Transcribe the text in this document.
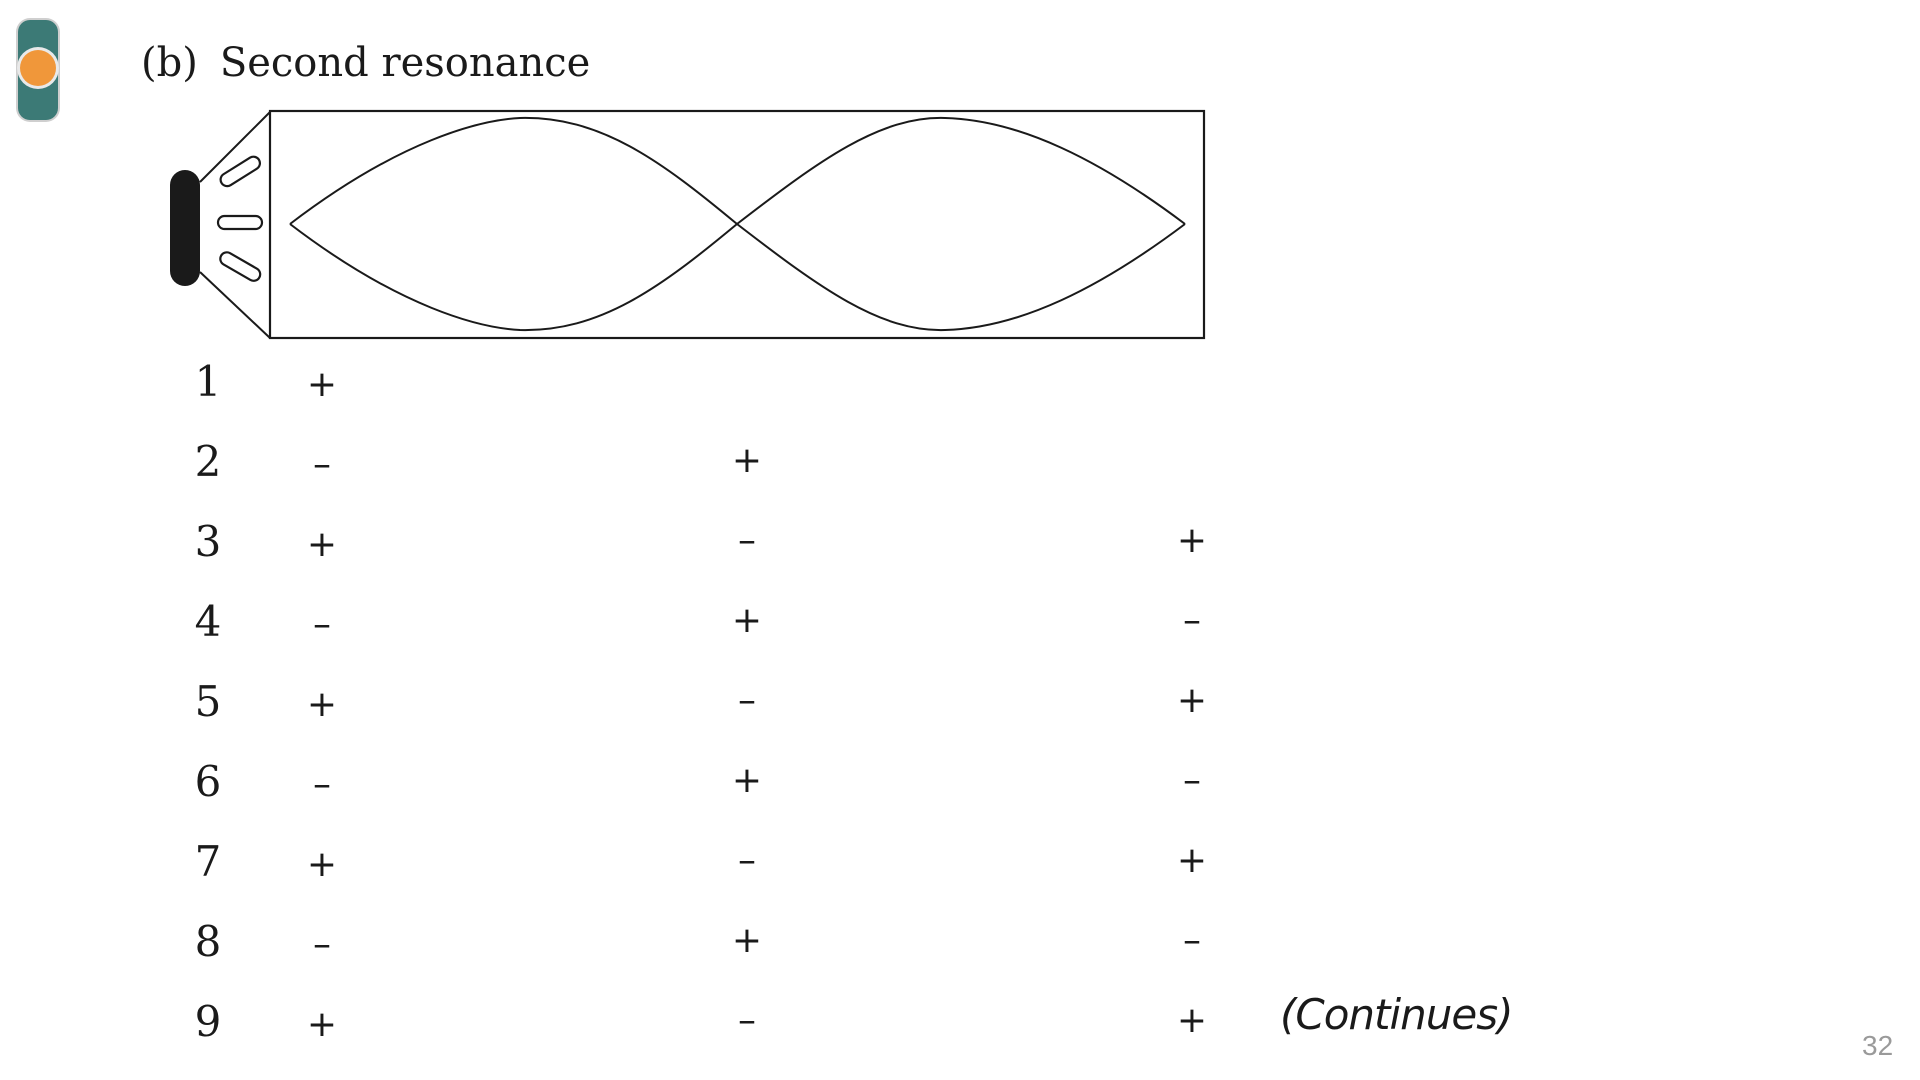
(b) Second resonance
1	+
2	–	+
3	+	–	+
4	–	+	–
5	+	–	+
6	–	+	–
7	+	–	+
8	–	+	–
9	+	–	+ (Continues)
32
